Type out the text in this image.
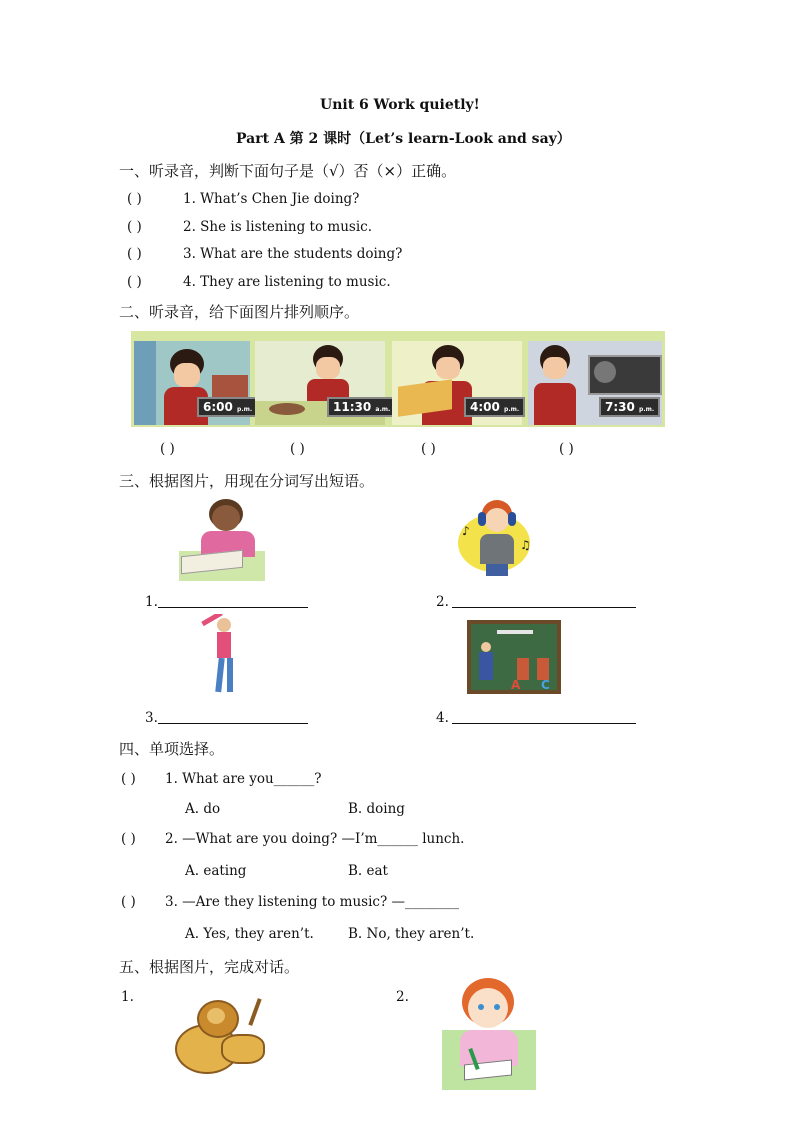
Unit 6 Work quietly!
Part A 第 2 课时（Let’s learn-Look and say）
一、听录音，判断下面句子是（√）否（×）正确。
( )	1. What’s Chen Jie doing?
( )	2. She is listening to music.
( )	3. What are the students doing?
( )	4. They are listening to music.
二、听录音，给下面图片排列顺序。
6:00 p.m.	11:30 a.m.	4:00 p.m.	7:30 p.m.
( )	( )	( )	( )
三、根据图片，用现在分词写出短语。
♪
♫
1.	2.
A C
3.	4.
四、单项选择。
( ) 1. What are you______?
A. do	B. doing
( ) 2. —What are you doing? —I’m______ lunch.
A. eating	B. eat
( ) 3. —Are they listening to music? —________
A. Yes, they aren’t.	B. No, they aren’t.
五、根据图片，完成对话。
1.	2.
